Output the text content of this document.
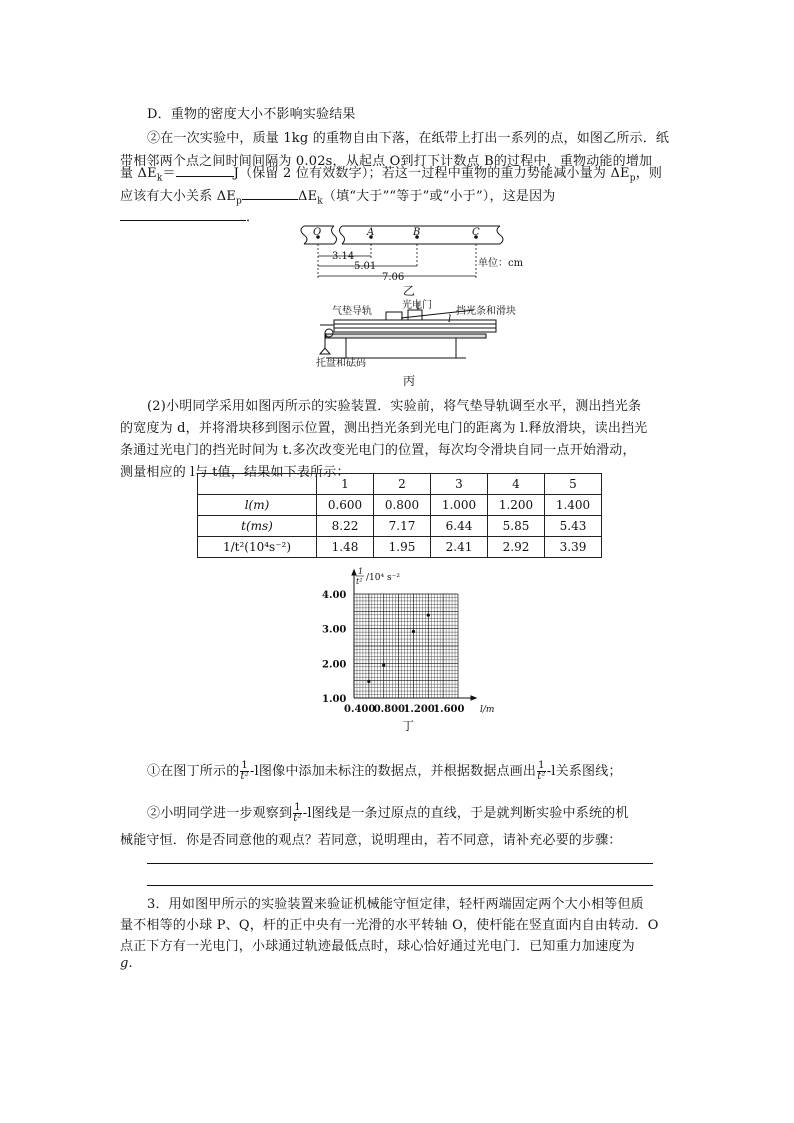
D．重物的密度大小不影响实验结果
②在一次实验中，质量 1kg 的重物自由下落，在纸带上打出一系列的点，如图乙所示．纸
带相邻两个点之间时间间隔为 0.02s，从起点 O到打下计数点 B的过程中，重物动能的增加
量 $\Delta E_k=$	J（保留 2 位有效数字）；若这一过程中重物的重力势能减小量为 $\Delta E_p$，则
应该有大小关系 $\Delta E_p$	$\Delta E_k$（填“大于”“等于”或“小于”），这是因为
．
O	A	B	C
3.14
5.01
7.06
单位：cm
乙
气垫导轨
光电门
挡光条和滑块
托盘和砝码
l
丙
(2)小明同学采用如图丙所示的实验装置．实验前，将气垫导轨调至水平，测出挡光条
的宽度为 d，并将滑块移到图示位置，测出挡光条到光电门的距离为 l.释放滑块，读出挡光
条通过光电门的挡光时间为 t.多次改变光电门的位置，每次均令滑块自同一点开始滑动，
测量相应的 l与 t值，结果如下表所示：
	1	2	3	4	5
l(m)	0.600	0.800	1.000	1.200	1.400
t(ms)	8.22	7.17	6.44	5.85	5.43
1/t²(10⁴s⁻²)	1.48	1.95	2.41	2.92	3.39
0.400
0.800
1.200
1.600
1.00
2.00
3.00
4.00
1
t² /10⁴ s⁻²
l/m
丁
①在图丁所示的 $\frac{1}{\text{t²}} -l$图像中添加未标注的数据点，并根据数据点画出 $\frac{1}{\text{t²}} -l$关系图线；
②小明同学进一步观察到 $\frac{1}{\text{t²}} -l$图线是一条过原点的直线，于是就判断实验中系统的机
械能守恒．你是否同意他的观点？若同意，说明理由，若不同意，请补充必要的步骤：
3．用如图甲所示的实验装置来验证机械能守恒定律，轻杆两端固定两个大小相等但质
量不相等的小球 P、Q，杆的正中央有一光滑的水平转轴 O，使杆能在竖直面内自由转动．O
点正下方有一光电门，小球通过轨迹最低点时，球心恰好通过光电门．已知重力加速度为
g.
